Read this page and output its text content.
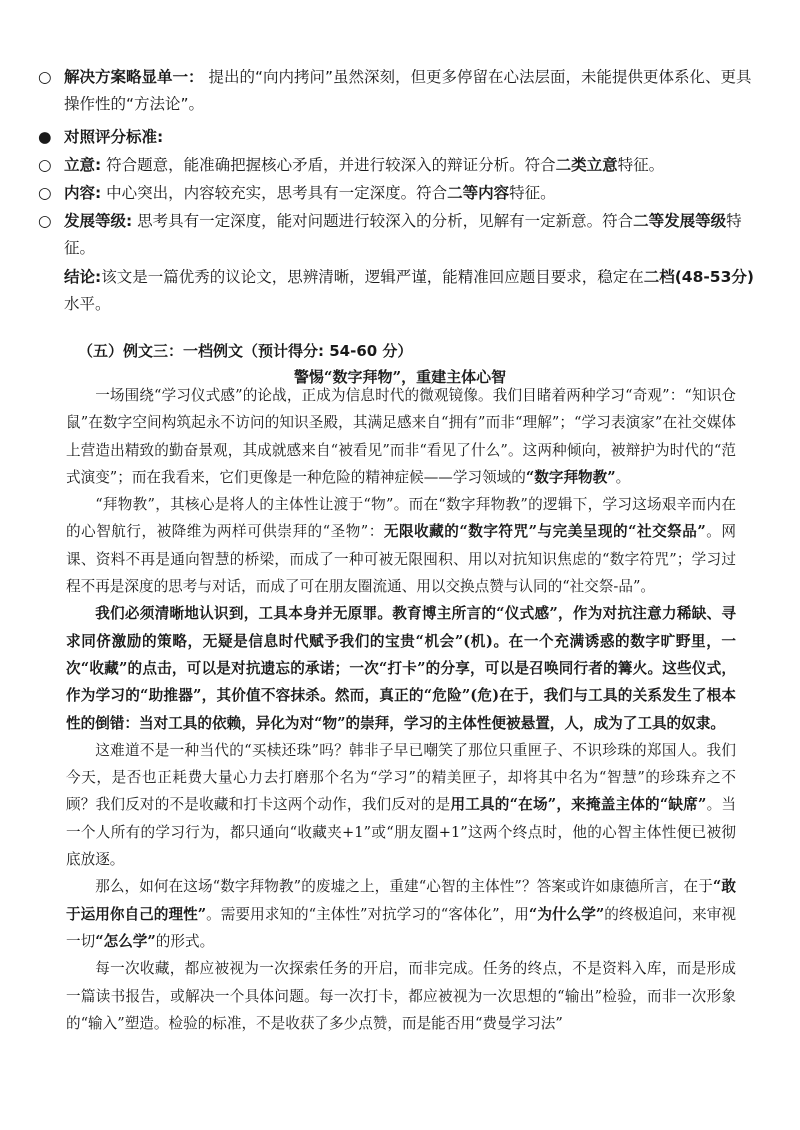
○ 解决方案略显单一： 提出的“向内拷问”虽然深刻，但更多停留在心法层面，未能提供更体系化、更具操作性的“方法论”。
● 对照评分标准:
○ 立意: 符合题意，能准确把握核心矛盾，并进行较深入的辩证分析。符合二类立意特征。
○ 内容: 中心突出，内容较充实，思考具有一定深度。符合二等内容特征。
○ 发展等级: 思考具有一定深度，能对问题进行较深入的分析，见解有一定新意。符合二等发展等级特征。
结论:该文是一篇优秀的议论文，思辨清晰，逻辑严谨，能精准回应题目要求，稳定在二档(48-53分) 水平。
（五）例文三：一档例文（预计得分: 54-60 分）
警惕“数字拜物”，重建主体心智

一场围绕“学习仪式感”的论战，正成为信息时代的微观镜像。我们目睹着两种学习“奇观”：“知识仓鼠”在数字空间构筑起永不访问的知识圣殿，其满足感来自“拥有”而非“理解”；“学习表演家”在社交媒体上营造出精致的勤奋景观，其成就感来自“被看见”而非“看见了什么”。这两种倾向，被辩护为时代的“范式演变”；而在我看来，它们更像是一种危险的精神症候——学习领域的“数字拜物教”。

“拜物教”，其核心是将人的主体性让渡于“物”。而在“数字拜物教”的逻辑下，学习这场艰辛而内在的心智航行，被降维为两样可供崇拜的“圣物”：无限收藏的“数字符咒”与完美呈现的“社交祭品”。网课、资料不再是通向智慧的桥梁，而成了一种可被无限囤积、用以对抗知识焦虑的“数字符咒”；学习过程不再是深度的思考与对话，而成了可在朋友圈流通、用以交换点赞与认同的“社交祭-品”。

我们必须清晰地认识到，工具本身并无原罪。教育博主所言的“仪式感”，作为对抗注意力稀缺、寻求同侪激励的策略，无疑是信息时代赋予我们的宝贵“机会”(机)。在一个充满诱惑的数字旷野里，一次“收藏”的点击，可以是对抗遗忘的承诺；一次“打卡”的分享，可以是召唤同行者的篝火。这些仪式，作为学习的“助推器”，其价值不容抹杀。然而，真正的“危险”(危)在于，我们与工具的关系发生了根本性的倒错：当对工具的依赖，异化为对“物”的崇拜，学习的主体性便被悬置，人，成为了工具的奴隶。

这难道不是一种当代的“买椟还珠”吗？韩非子早已嘲笑了那位只重匣子、不识珍珠的郑国人。我们今天，是否也正耗费大量心力去打磨那个名为“学习”的精美匣子，却将其中名为“智慧”的珍珠弃之不顾？我们反对的不是收藏和打卡这两个动作，我们反对的是用工具的“在场”，来掩盖主体的“缺席”。当一个人所有的学习行为，都只通向“收藏夹+1”或“朋友圈+1”这两个终点时，他的心智主体性便已被彻底放逐。

那么，如何在这场“数字拜物教”的废墟之上，重建“心智的主体性”？答案或许如康德所言，在于“敢于运用你自己的理性”。需要用求知的“主体性”对抗学习的“客体化”，用“为什么学”的终极追问，来审视一切“怎么学”的形式。

每一次收藏，都应被视为一次探索任务的开启，而非完成。任务的终点，不是资料入库，而是形成一篇读书报告，或解决一个具体问题。每一次打卡，都应被视为一次思想的“输出”检验，而非一次形象的“输入”塑造。检验的标准，不是收获了多少点赞，而是能否用“费曼学习法”
